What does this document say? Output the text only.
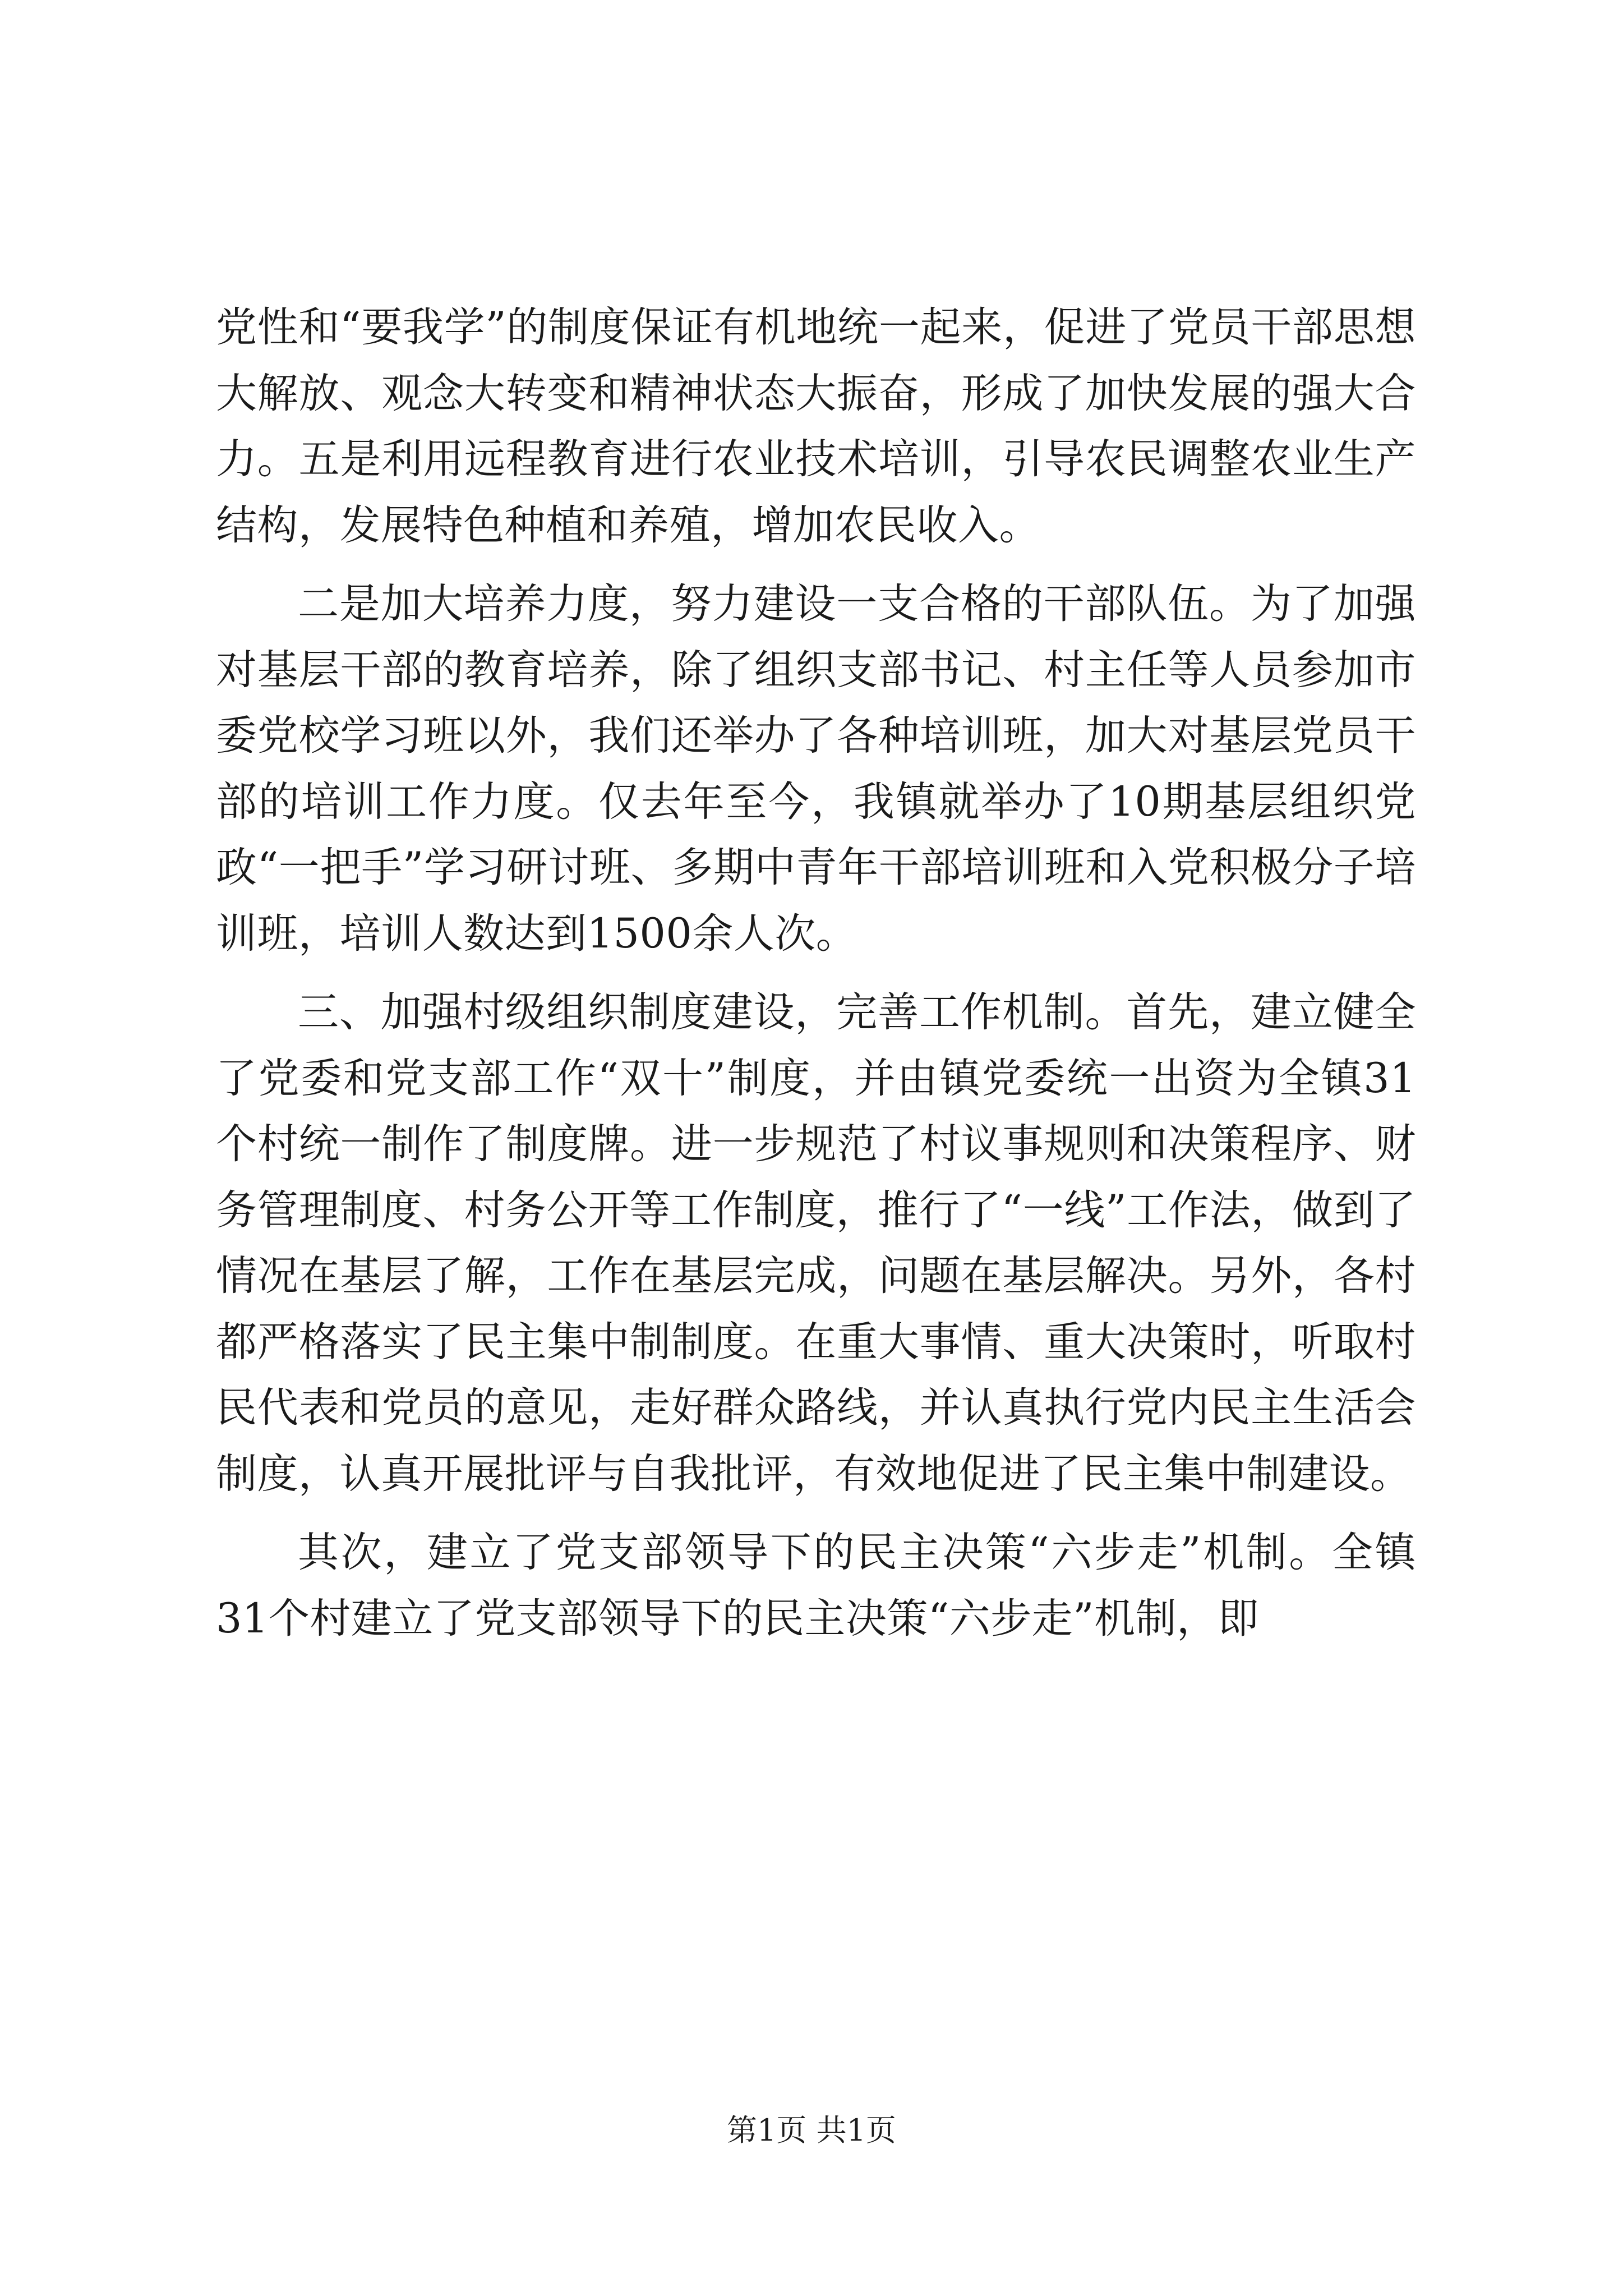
党性和“要我学”的制度保证有机地统一起来，促进了党员干部思想大解放、观念大转变和精神状态大振奋，形成了加快发展的强大合力。五是利用远程教育进行农业技术培训，引导农民调整农业生产结构，发展特色种植和养殖，增加农民收入。

二是加大培养力度，努力建设一支合格的干部队伍。为了加强对基层干部的教育培养，除了组织支部书记、村主任等人员参加市委党校学习班以外，我们还举办了各种培训班，加大对基层党员干部的培训工作力度。仅去年至今，我镇就举办了10期基层组织党政“一把手”学习研讨班、多期中青年干部培训班和入党积极分子培训班，培训人数达到1500余人次。

三、加强村级组织制度建设，完善工作机制。首先，建立健全了党委和党支部工作“双十”制度，并由镇党委统一出资为全镇31个村统一制作了制度牌。进一步规范了村议事规则和决策程序、财务管理制度、村务公开等工作制度，推行了“一线”工作法，做到了情况在基层了解，工作在基层完成，问题在基层解决。另外，各村都严格落实了民主集中制制度。在重大事情、重大决策时，听取村民代表和党员的意见，走好群众路线，并认真执行党内民主生活会制度，认真开展批评与自我批评，有效地促进了民主集中制建设。

其次，建立了党支部领导下的民主决策“六步走”机制。全镇31个村建立了党支部领导下的民主决策“六步走”机制，即

第1页 共1页
